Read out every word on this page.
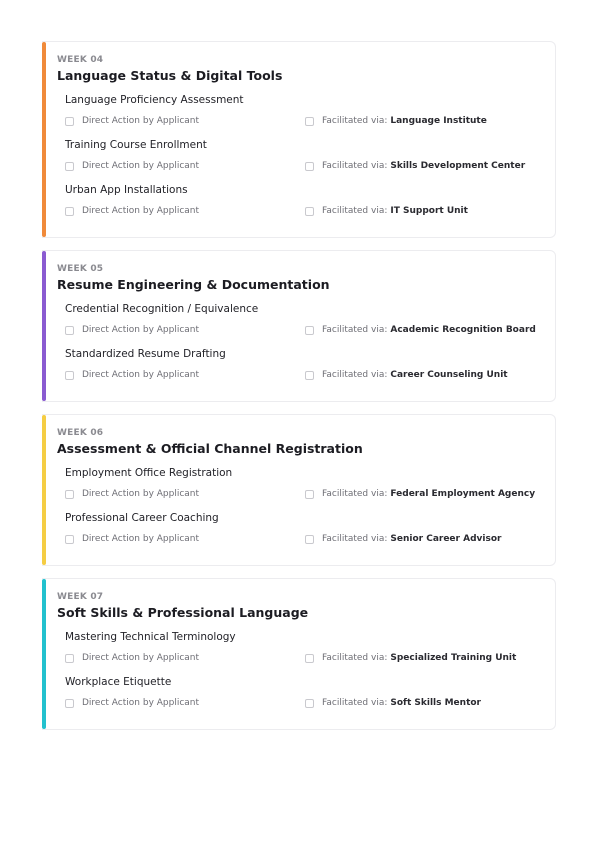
WEEK 04
Language Status & Digital Tools
Language Proficiency Assessment
Direct Action by Applicant	Facilitated via: Language Institute
Training Course Enrollment
Direct Action by Applicant	Facilitated via: Skills Development Center
Urban App Installations
Direct Action by Applicant	Facilitated via: IT Support Unit
WEEK 05
Resume Engineering & Documentation
Credential Recognition / Equivalence
Direct Action by Applicant	Facilitated via: Academic Recognition Board
Standardized Resume Drafting
Direct Action by Applicant	Facilitated via: Career Counseling Unit
WEEK 06
Assessment & Official Channel Registration
Employment Office Registration
Direct Action by Applicant	Facilitated via: Federal Employment Agency
Professional Career Coaching
Direct Action by Applicant	Facilitated via: Senior Career Advisor
WEEK 07
Soft Skills & Professional Language
Mastering Technical Terminology
Direct Action by Applicant	Facilitated via: Specialized Training Unit
Workplace Etiquette
Direct Action by Applicant	Facilitated via: Soft Skills Mentor
